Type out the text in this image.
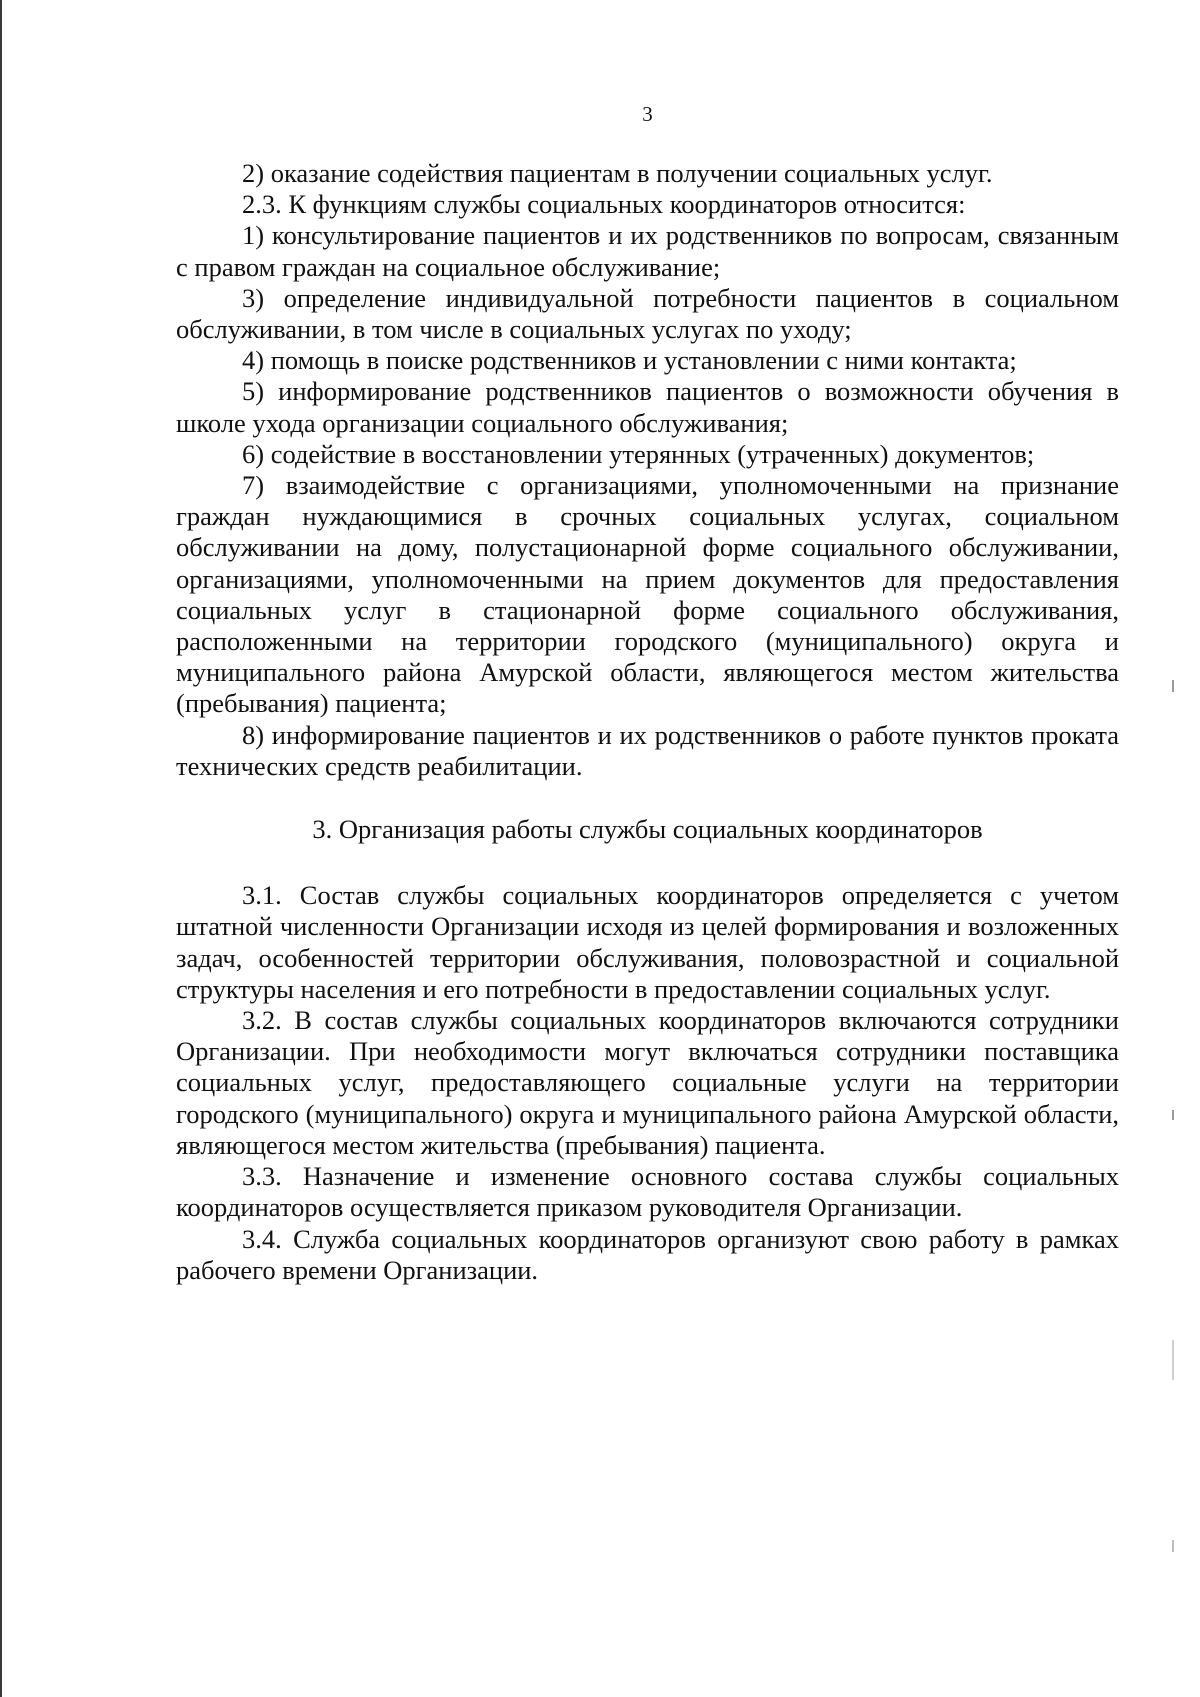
3

2) оказание содействия пациентам в получении социальных услуг.

2.3. К функциям службы социальных координаторов относится:

1) консультирование пациентов и их родственников по вопросам, связанным с правом граждан на социальное обслуживание;

3) определение индивидуальной потребности пациентов в социальном обслуживании, в том числе в социальных услугах по уходу;

4) помощь в поиске родственников и установлении с ними контакта;

5) информирование родственников пациентов о возможности обучения в школе ухода организации социального обслуживания;

6) содействие в восстановлении утерянных (утраченных) документов;

7) взаимодействие с организациями, уполномоченными на признание граждан нуждающимися в срочных социальных услугах, социальном обслуживании на дому, полустационарной форме социального обслуживании, организациями, уполномоченными на прием документов для предоставления социальных услуг в стационарной форме социального обслуживания, расположенными на территории городского (муниципального) округа и муниципального района Амурской области, являющегося местом жительства (пребывания) пациента;

8) информирование пациентов и их родственников о работе пунктов проката технических средств реабилитации.

3. Организация работы службы социальных координаторов

3.1. Состав службы социальных координаторов определяется с учетом штатной численности Организации исходя из целей формирования и возложенных задач, особенностей территории обслуживания, половозрастной и социальной структуры населения и его потребности в предоставлении социальных услуг.

3.2. В состав службы социальных координаторов включаются сотрудники Организации. При необходимости могут включаться сотрудники поставщика социальных услуг, предоставляющего социальные услуги на территории городского (муниципального) округа и муниципального района Амурской области, являющегося местом жительства (пребывания) пациента.

3.3. Назначение и изменение основного состава службы социальных координаторов осуществляется приказом руководителя Организации.

3.4. Служба социальных координаторов организуют свою работу в рамках рабочего времени Организации.
